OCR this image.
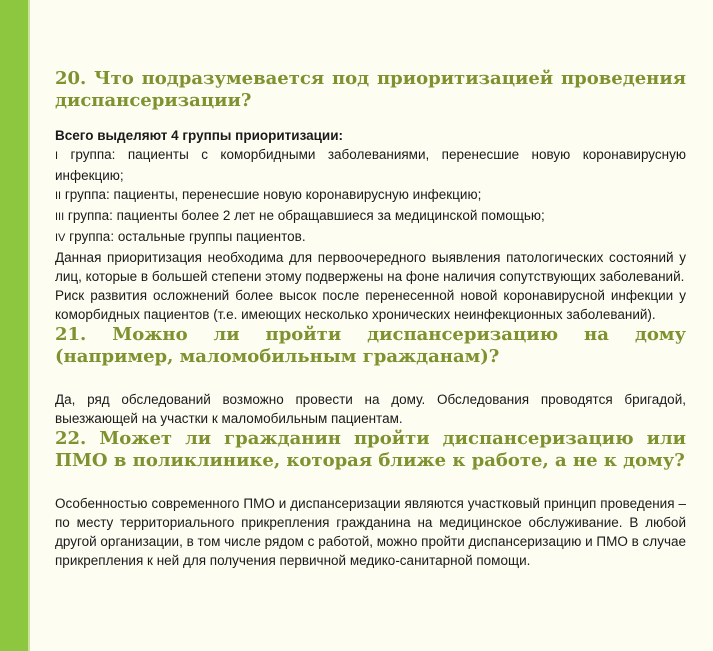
20. Что подразумевается под приоритизацией проведения диспансеризации?
Всего выделяют 4 группы приоритизации:

I группа: пациенты с коморбидными заболеваниями, перенесшие новую коронавирусную инфекцию;

II группа: пациенты, перенесшие новую коронавирусную инфекцию;

III группа: пациенты более 2 лет не обращавшиеся за медицинской помощью;

IV группа: остальные группы пациентов.

Данная приоритизация необходима для первоочередного выявления патологических состояний у лиц, которые в большей степени этому подвержены на фоне наличия сопутствующих заболеваний.

Риск развития осложнений более высок после перенесенной новой коронавирусной инфекции у коморбидных пациентов (т.е. имеющих несколько хронических неинфекционных заболеваний).

21. Можно ли пройти диспансеризацию на дому (например, маломобильным гражданам)?

Да, ряд обследований возможно провести на дому. Обследования проводятся бригадой, выезжающей на участки к маломобильным пациентам.

22. Может ли гражданин пройти диспансеризацию или ПМО в поликлинике, которая ближе к работе, а не к дому?

Особенностью современного ПМО и диспансеризации являются участковый принцип проведения – по месту территориального прикрепления гражданина на медицинское обслуживание. В любой другой организации, в том числе рядом с работой, можно пройти диспансеризацию и ПМО в случае прикрепления к ней для получения первичной медико-санитарной помощи.
